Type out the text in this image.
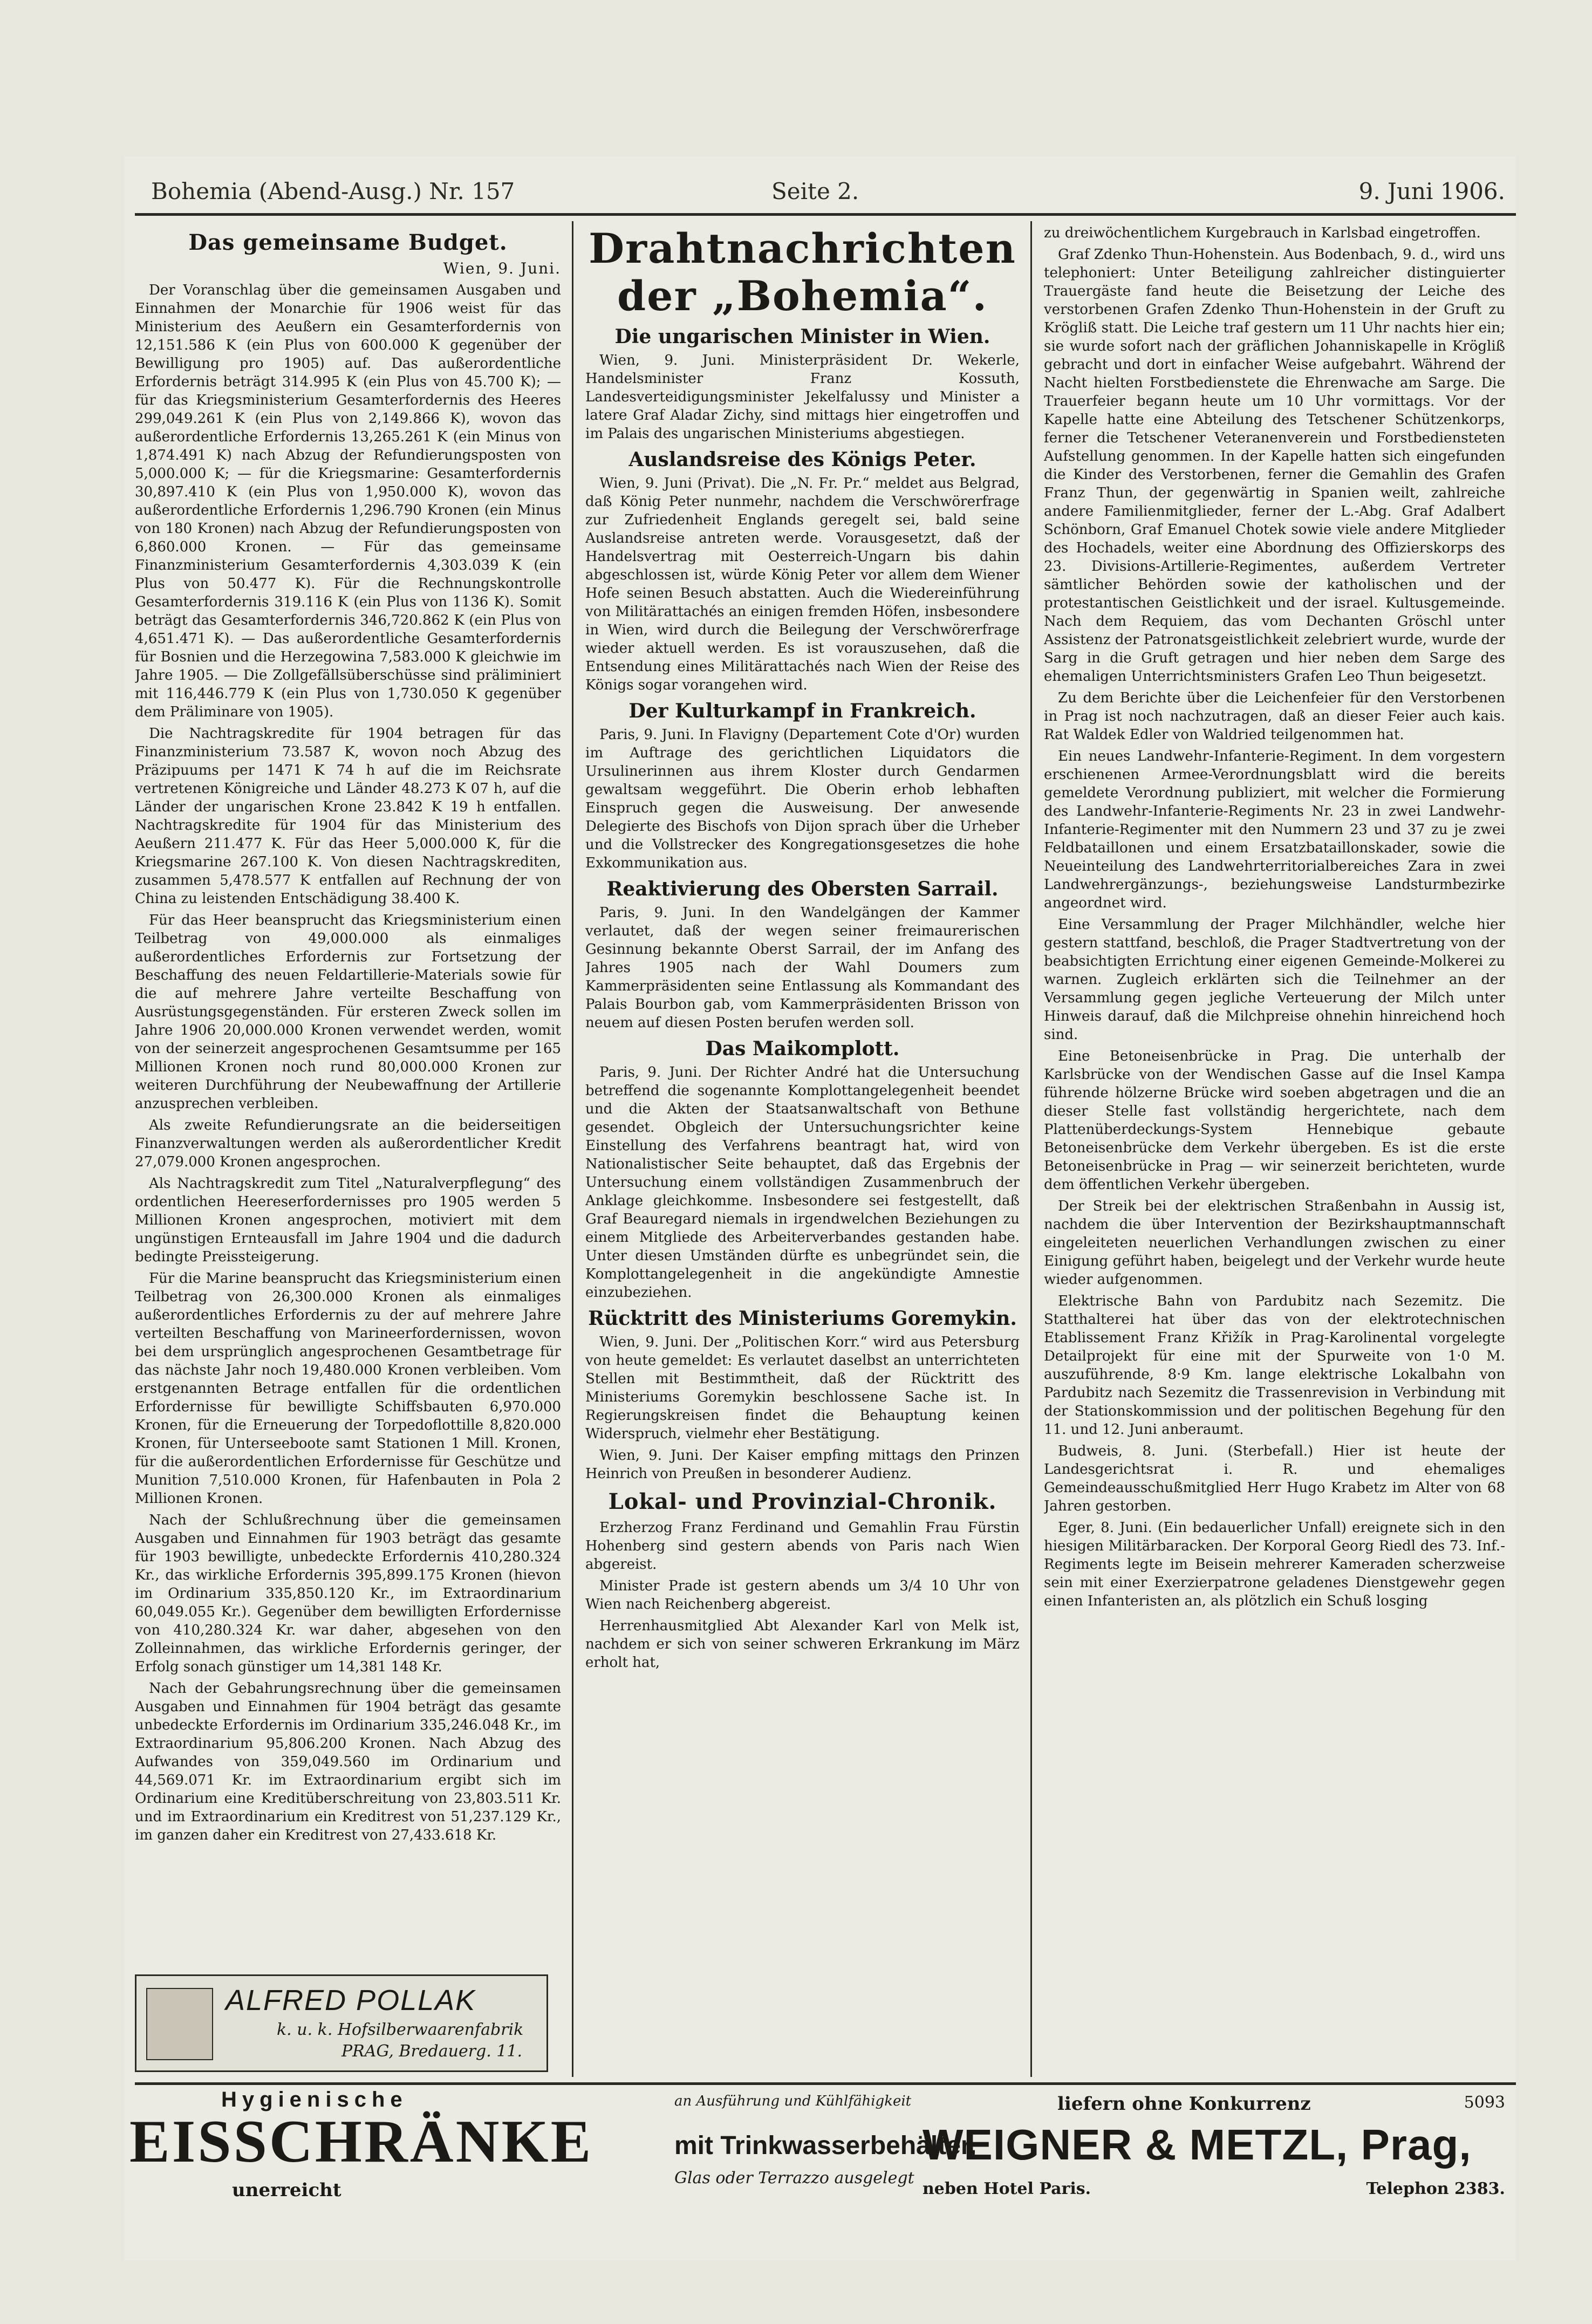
Bohemia (Abend-Ausg.) Nr. 157	Seite 2.	9. Juni 1906.
Das gemeinsame Budget.
Wien, 9. Juni.

Der Voranschlag über die gemeinsamen Ausgaben und Einnahmen der Monarchie für 1906 weist für das Ministerium des Aeußern ein Gesamterfordernis von 12,151.586 K (ein Plus von 600.000 K gegenüber der Bewilligung pro 1905) auf. Das außerordentliche Erfordernis beträgt 314.995 K (ein Plus von 45.700 K); — für das Kriegsministerium Gesamterfordernis des Heeres 299,049.261 K (ein Plus von 2,149.866 K), wovon das außerordentliche Erfordernis 13,265.261 K (ein Minus von 1,874.491 K) nach Abzug der Refundierungsposten von 5,000.000 K; — für die Kriegsmarine: Gesamterfordernis 30,897.410 K (ein Plus von 1,950.000 K), wovon das außerordentliche Erfordernis 1,296.790 Kronen (ein Minus von 180 Kronen) nach Abzug der Refundierungsposten von 6,860.000 Kronen. — Für das gemeinsame Finanzministerium Gesamterfordernis 4,303.039 K (ein Plus von 50.477 K). Für die Rechnungskontrolle Gesamterfordernis 319.116 K (ein Plus von 1136 K). Somit beträgt das Gesamterfordernis 346,720.862 K (ein Plus von 4,651.471 K). — Das außerordentliche Gesamterfordernis für Bosnien und die Herzegowina 7,583.000 K gleichwie im Jahre 1905. — Die Zollgefällsüberschüsse sind präliminiert mit 116,446.779 K (ein Plus von 1,730.050 K gegenüber dem Präliminare von 1905).

Die Nachtragskredite für 1904 betragen für das Finanzministerium 73.587 K, wovon noch Abzug des Präzipuums per 1471 K 74 h auf die im Reichsrate vertretenen Königreiche und Länder 48.273 K 07 h, auf die Länder der ungarischen Krone 23.842 K 19 h entfallen. Nachtragskredite für 1904 für das Ministerium des Aeußern 211.477 K. Für das Heer 5,000.000 K, für die Kriegsmarine 267.100 K. Von diesen Nachtragskrediten, zusammen 5,478.577 K entfallen auf Rechnung der von China zu leistenden Entschädigung 38.400 K.

Für das Heer beansprucht das Kriegsministerium einen Teilbetrag von 49,000.000 als einmaliges außerordentliches Erfordernis zur Fortsetzung der Beschaffung des neuen Feldartillerie-Materials sowie für die auf mehrere Jahre verteilte Beschaffung von Ausrüstungsgegenständen. Für ersteren Zweck sollen im Jahre 1906 20,000.000 Kronen verwendet werden, womit von der seinerzeit angesprochenen Gesamtsumme per 165 Millionen Kronen noch rund 80,000.000 Kronen zur weiteren Durchführung der Neubewaffnung der Artillerie anzusprechen verbleiben.

Als zweite Refundierungsrate an die beiderseitigen Finanzverwaltungen werden als außerordentlicher Kredit 27,079.000 Kronen angesprochen.

Als Nachtragskredit zum Titel „Naturalverpflegung“ des ordentlichen Heereserfordernisses pro 1905 werden 5 Millionen Kronen angesprochen, motiviert mit dem ungünstigen Ernteausfall im Jahre 1904 und die dadurch bedingte Preissteigerung.

Für die Marine beansprucht das Kriegsministerium einen Teilbetrag von 26,300.000 Kronen als einmaliges außerordentliches Erfordernis zu der auf mehrere Jahre verteilten Beschaffung von Marineerfordernissen, wovon bei dem ursprünglich angesprochenen Gesamtbetrage für das nächste Jahr noch 19,480.000 Kronen verbleiben. Vom erstgenannten Betrage entfallen für die ordentlichen Erfordernisse für bewilligte Schiffsbauten 6,970.000 Kronen, für die Erneuerung der Torpedoflottille 8,820.000 Kronen, für Unterseeboote samt Stationen 1 Mill. Kronen, für die außerordentlichen Erfordernisse für Geschütze und Munition 7,510.000 Kronen, für Hafenbauten in Pola 2 Millionen Kronen.

Nach der Schlußrechnung über die gemeinsamen Ausgaben und Einnahmen für 1903 beträgt das gesamte für 1903 bewilligte, unbedeckte Erfordernis 410,280.324 Kr., das wirkliche Erfordernis 395,899.175 Kronen (hievon im Ordinarium 335,850.120 Kr., im Extraordinarium 60,049.055 Kr.). Gegenüber dem bewilligten Erfordernisse von 410,280.324 Kr. war daher, abgesehen von den Zolleinnahmen, das wirkliche Erfordernis geringer, der Erfolg sonach günstiger um 14,381 148 Kr.

Nach der Gebahrungsrechnung über die gemeinsamen Ausgaben und Einnahmen für 1904 beträgt das gesamte unbedeckte Erfordernis im Ordinarium 335,246.048 Kr., im Extraordinarium 95,806.200 Kronen. Nach Abzug des Aufwandes von 359,049.560 im Ordinarium und 44,569.071 Kr. im Extraordinarium ergibt sich im Ordinarium eine Kreditüberschreitung von 23,803.511 Kr. und im Extraordinarium ein Kreditrest von 51,237.129 Kr., im ganzen daher ein Kreditrest von 27,433.618 Kr.

ALFRED POLLAK
k. u. k. Hofsilberwaarenfabrik
PRAG, Bredauerg. 11.
Drahtnachrichten der „Bohemia“.
Die ungarischen Minister in Wien.

Wien, 9. Juni. Ministerpräsident Dr. Wekerle, Handelsminister Franz Kossuth, Landesverteidigungsminister Jekelfalussy und Minister a latere Graf Aladar Zichy, sind mittags hier eingetroffen und im Palais des ungarischen Ministeriums abgestiegen.

Auslandsreise des Königs Peter.

Wien, 9. Juni (Privat). Die „N. Fr. Pr.“ meldet aus Belgrad, daß König Peter nunmehr, nachdem die Verschwörerfrage zur Zufriedenheit Englands geregelt sei, bald seine Auslandsreise antreten werde. Vorausgesetzt, daß der Handelsvertrag mit Oesterreich-Ungarn bis dahin abgeschlossen ist, würde König Peter vor allem dem Wiener Hofe seinen Besuch abstatten. Auch die Wiedereinführung von Militärattachés an einigen fremden Höfen, insbesondere in Wien, wird durch die Beilegung der Verschwörerfrage wieder aktuell werden. Es ist vorauszusehen, daß die Entsendung eines Militärattachés nach Wien der Reise des Königs sogar vorangehen wird.

Der Kulturkampf in Frankreich.

Paris, 9. Juni. In Flavigny (Departement Cote d'Or) wurden im Auftrage des gerichtlichen Liquidators die Ursulinerinnen aus ihrem Kloster durch Gendarmen gewaltsam weggeführt. Die Oberin erhob lebhaften Einspruch gegen die Ausweisung. Der anwesende Delegierte des Bischofs von Dijon sprach über die Urheber und die Vollstrecker des Kongregationsgesetzes die hohe Exkommunikation aus.

Reaktivierung des Obersten Sarrail.

Paris, 9. Juni. In den Wandelgängen der Kammer verlautet, daß der wegen seiner freimaurerischen Gesinnung bekannte Oberst Sarrail, der im Anfang des Jahres 1905 nach der Wahl Doumers zum Kammerpräsidenten seine Entlassung als Kommandant des Palais Bourbon gab, vom Kammerpräsidenten Brisson von neuem auf diesen Posten berufen werden soll.

Das Maikomplott.

Paris, 9. Juni. Der Richter André hat die Untersuchung betreffend die sogenannte Komplottangelegenheit beendet und die Akten der Staatsanwaltschaft von Bethune gesendet. Obgleich der Untersuchungsrichter keine Einstellung des Verfahrens beantragt hat, wird von Nationalistischer Seite behauptet, daß das Ergebnis der Untersuchung einem vollständigen Zusammenbruch der Anklage gleichkomme. Insbesondere sei festgestellt, daß Graf Beauregard niemals in irgendwelchen Beziehungen zu einem Mitgliede des Arbeiterverbandes gestanden habe. Unter diesen Umständen dürfte es unbegründet sein, die Komplottangelegenheit in die angekündigte Amnestie einzubeziehen.

Rücktritt des Ministeriums Goremykin.

Wien, 9. Juni. Der „Politischen Korr.“ wird aus Petersburg von heute gemeldet: Es verlautet daselbst an unterrichteten Stellen mit Bestimmtheit, daß der Rücktritt des Ministeriums Goremykin beschlossene Sache ist. In Regierungskreisen findet die Behauptung keinen Widerspruch, vielmehr eher Bestätigung.

Wien, 9. Juni. Der Kaiser empfing mittags den Prinzen Heinrich von Preußen in besonderer Audienz.

Lokal- und Provinzial-Chronik.

Erzherzog Franz Ferdinand und Gemahlin Frau Fürstin Hohenberg sind gestern abends von Paris nach Wien abgereist.

Minister Prade ist gestern abends um 3/4 10 Uhr von Wien nach Reichenberg abgereist.

Herrenhausmitglied Abt Alexander Karl von Melk ist, nachdem er sich von seiner schweren Erkrankung im März erholt hat,

zu dreiwöchentlichem Kurgebrauch in Karlsbad eingetroffen.

Graf Zdenko Thun-Hohenstein. Aus Bodenbach, 9. d., wird uns telephoniert: Unter Beteiligung zahlreicher distinguierter Trauergäste fand heute die Beisetzung der Leiche des verstorbenen Grafen Zdenko Thun-Hohenstein in der Gruft zu Krögliß statt. Die Leiche traf gestern um 11 Uhr nachts hier ein; sie wurde sofort nach der gräflichen Johanniskapelle in Krögliß gebracht und dort in einfacher Weise aufgebahrt. Während der Nacht hielten Forstbedienstete die Ehrenwache am Sarge. Die Trauerfeier begann heute um 10 Uhr vormittags. Vor der Kapelle hatte eine Abteilung des Tetschener Schützenkorps, ferner die Tetschener Veteranenverein und Forstbediensteten Aufstellung genommen. In der Kapelle hatten sich eingefunden die Kinder des Verstorbenen, ferner die Gemahlin des Grafen Franz Thun, der gegenwärtig in Spanien weilt, zahlreiche andere Familienmitglieder, ferner der L.-Abg. Graf Adalbert Schönborn, Graf Emanuel Chotek sowie viele andere Mitglieder des Hochadels, weiter eine Abordnung des Offizierskorps des 23. Divisions-Artillerie-Regimentes, außerdem Vertreter sämtlicher Behörden sowie der katholischen und der protestantischen Geistlichkeit und der israel. Kultusgemeinde. Nach dem Requiem, das vom Dechanten Gröschl unter Assistenz der Patronatsgeistlichkeit zelebriert wurde, wurde der Sarg in die Gruft getragen und hier neben dem Sarge des ehemaligen Unterrichtsministers Grafen Leo Thun beigesetzt.

Zu dem Berichte über die Leichenfeier für den Verstorbenen in Prag ist noch nachzutragen, daß an dieser Feier auch kais. Rat Waldek Edler von Waldried teilgenommen hat.

Ein neues Landwehr-Infanterie-Regiment. In dem vorgestern erschienenen Armee-Verordnungsblatt wird die bereits gemeldete Verordnung publiziert, mit welcher die Formierung des Landwehr-Infanterie-Regiments Nr. 23 in zwei Landwehr-Infanterie-Regimenter mit den Nummern 23 und 37 zu je zwei Feldbataillonen und einem Ersatzbataillonskader, sowie die Neueinteilung des Landwehrterritorialbereiches Zara in zwei Landwehrergänzungs-, beziehungsweise Landsturmbezirke angeordnet wird.

Eine Versammlung der Prager Milchhändler, welche hier gestern stattfand, beschloß, die Prager Stadtvertretung von der beabsichtigten Errichtung einer eigenen Gemeinde-Molkerei zu warnen. Zugleich erklärten sich die Teilnehmer an der Versammlung gegen jegliche Verteuerung der Milch unter Hinweis darauf, daß die Milchpreise ohnehin hinreichend hoch sind.

Eine Betoneisenbrücke in Prag. Die unterhalb der Karlsbrücke von der Wendischen Gasse auf die Insel Kampa führende hölzerne Brücke wird soeben abgetragen und die an dieser Stelle fast vollständig hergerichtete, nach dem Plattenüberdeckungs-System Hennebique gebaute Betoneisenbrücke dem Verkehr übergeben. Es ist die erste Betoneisenbrücke in Prag — wir seinerzeit berichteten, wurde dem öffentlichen Verkehr übergeben.

Der Streik bei der elektrischen Straßenbahn in Aussig ist, nachdem die über Intervention der Bezirkshauptmannschaft eingeleiteten neuerlichen Verhandlungen zwischen zu einer Einigung geführt haben, beigelegt und der Verkehr wurde heute wieder aufgenommen.

Elektrische Bahn von Pardubitz nach Sezemitz. Die Statthalterei hat über das von der elektrotechnischen Etablissement Franz Křižík in Prag-Karolinental vorgelegte Detailprojekt für eine mit der Spurweite von 1·0 M. auszuführende, 8·9 Km. lange elektrische Lokalbahn von Pardubitz nach Sezemitz die Trassenrevision in Verbindung mit der Stationskommission und der politischen Begehung für den 11. und 12. Juni anberaumt.

Budweis, 8. Juni. (Sterbefall.) Hier ist heute der Landesgerichtsrat i. R. und ehemaliges Gemeindeausschußmitglied Herr Hugo Krabetz im Alter von 68 Jahren gestorben.

Eger, 8. Juni. (Ein bedauerlicher Unfall) ereignete sich in den hiesigen Militärbaracken. Der Korporal Georg Riedl des 73. Inf.-Regiments legte im Beisein mehrerer Kameraden scherzweise sein mit einer Exerzierpatrone geladenes Dienstgewehr gegen einen Infanteristen an, als plötzlich ein Schuß losging

Hygienische
EISSCHRÄNKE
unerreicht
an Ausführung und Kühlfähigkeit
mit Trinkwasserbehälter,
Glas oder Terrazzo ausgelegt
liefern ohne Konkurrenz	5093
WEIGNER & METZL, Prag,
neben Hotel Paris.	Telephon 2383.
